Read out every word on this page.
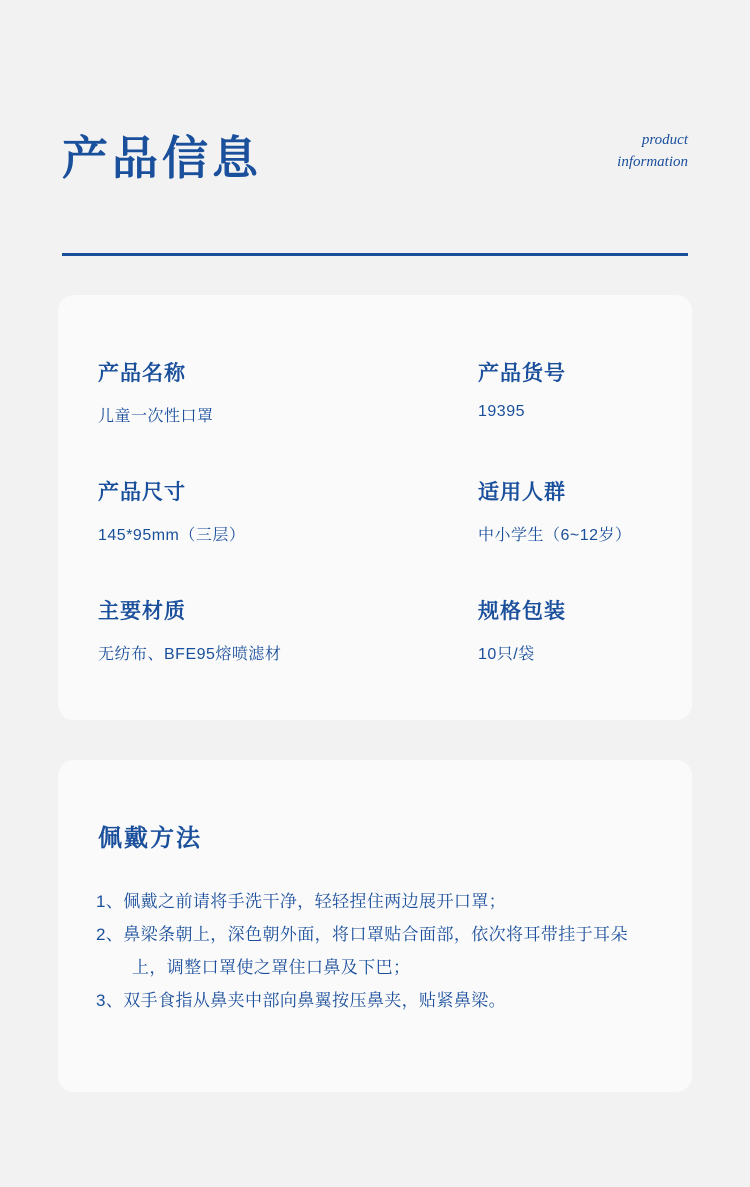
产品信息	product
information

产品名称

儿童一次性口罩

产品货号

19395

产品尺寸

145*95mm（三层）

适用人群

中小学生（6~12岁）

主要材质

无纺布、BFE95熔喷滤材

规格包装

10只/袋

佩戴方法
1、佩戴之前请将手洗干净，轻轻捏住两边展开口罩；
2、鼻梁条朝上，深色朝外面，将口罩贴合面部，依次将耳带挂于耳朵上，调整口罩使之罩住口鼻及下巴；
3、双手食指从鼻夹中部向鼻翼按压鼻夹，贴紧鼻梁。
